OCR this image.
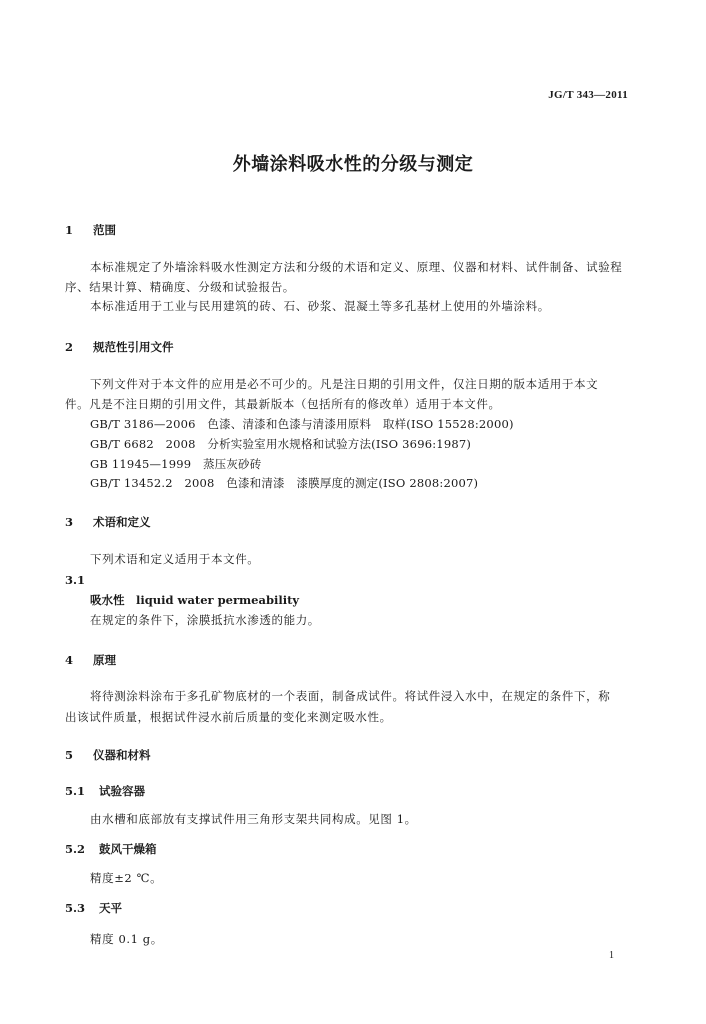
JG/T 343—2011
外墙涂料吸水性的分级与测定
1 范围
本标准规定了外墙涂料吸水性测定方法和分级的术语和定义、原理、仪器和材料、试件制备、试验程
序、结果计算、精确度、分级和试验报告。
本标准适用于工业与民用建筑的砖、石、砂浆、混凝土等多孔基材上使用的外墙涂料。
2 规范性引用文件
下列文件对于本文件的应用是必不可少的。凡是注日期的引用文件，仅注日期的版本适用于本文
件。凡是不注日期的引用文件，其最新版本（包括所有的修改单）适用于本文件。
GB/T 3186—2006　色漆、清漆和色漆与清漆用原料　取样(ISO 15528:2000)
GB/T 6682　2008　分析实验室用水规格和试验方法(ISO 3696:1987)
GB 11945—1999　蒸压灰砂砖
GB/T 13452.2　2008　色漆和清漆　漆膜厚度的测定(ISO 2808:2007)
3 术语和定义
下列术语和定义适用于本文件。
3.1
吸水性　liquid water permeability
在规定的条件下，涂膜抵抗水渗透的能力。
4 原理
将待测涂料涂布于多孔矿物底材的一个表面，制备成试件。将试件浸入水中，在规定的条件下，称
出该试件质量，根据试件浸水前后质量的变化来测定吸水性。
5 仪器和材料
5.1 试验容器
由水槽和底部放有支撑试件用三角形支架共同构成。见图 1。
5.2 鼓风干燥箱
精度±2 ℃。
5.3 天平
精度 0.1 g。
1
